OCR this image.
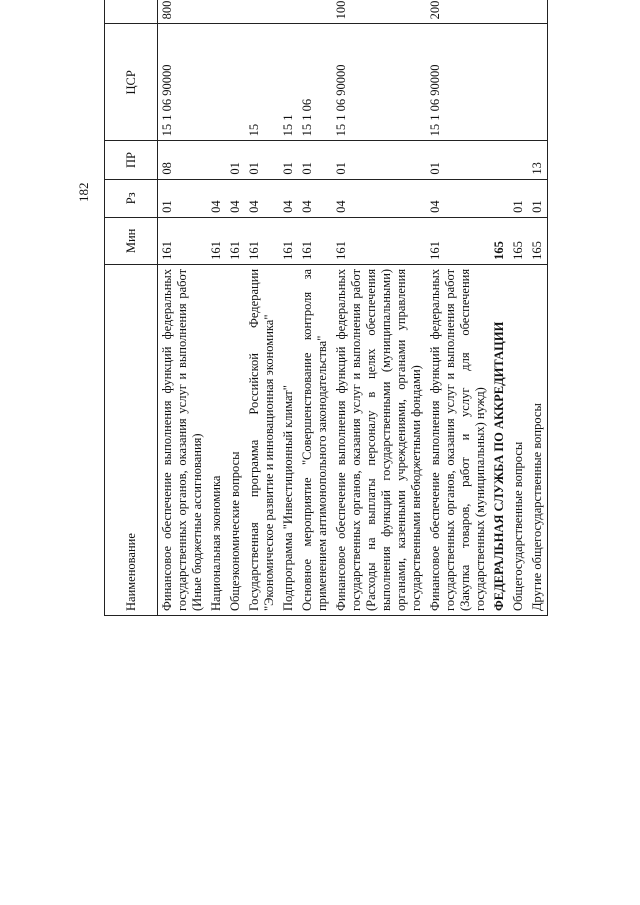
182
Наименование	Мин	Рз	ПР	ЦСР		
Финансовое обеспечение выполнения функций федеральных государственных органов, оказания услуг и выполнения работ (Иные бюджетные ассигнования)	161	01	08	15 1 06 90000	800	
Национальная экономика	161	04				
Общеэкономические вопросы	161	04	01			
Государственная программа Российской Федерации "Экономическое развитие и инновационная экономика"	161	04	01	15		
Подпрограмма "Инвестиционный климат"	161	04	01	15 1		
Основное мероприятие "Совершенствование контроля за применением антимонопольного законодательства"	161	04	01	15 1 06		
Финансовое обеспечение выполнения функций федеральных государственных органов, оказания услуг и выполнения работ (Расходы на выплаты персоналу в целях обеспечения выполнения функций государственными (муниципальными) органами, казенными учреждениями, органами управления государственными внебюджетными фондами)	161	04	01	15 1 06 90000	100	
Финансовое обеспечение выполнения функций федеральных государственных органов, оказания услуг и выполнения работ (Закупка товаров, работ и услуг для обеспечения государственных (муниципальных) нужд)	161	04	01	15 1 06 90000	200	
ФЕДЕРАЛЬНАЯ СЛУЖБА ПО АККРЕДИТАЦИИ	165					
Общегосударственные вопросы	165	01				
Другие общегосударственные вопросы	165	01	13			
